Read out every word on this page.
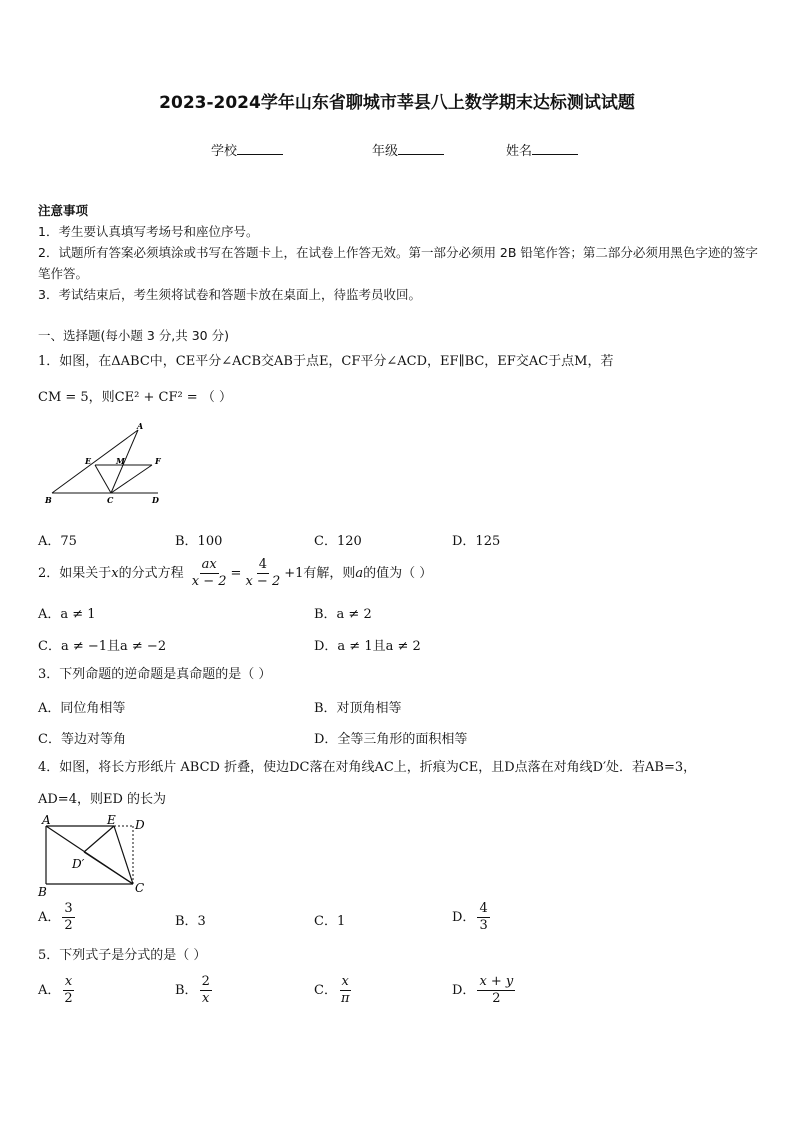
2023-2024学年山东省聊城市莘县八上数学期末达标测试试题
学校	年级	姓名

注意事项

1．考生要认真填写考场号和座位序号。

2．试题所有答案必须填涂或书写在答题卡上，在试卷上作答无效。第一部分必须用 2B 铅笔作答；第二部分必须用黑色字迹的签字笔作答。

3．考试结束后，考生须将试卷和答题卡放在桌面上，待监考员收回。

一、选择题(每小题 3 分,共 30 分)
1．如图，在ΔABC中，CE平分∠ACB交AB于点E，CF平分∠ACD，EF∥BC，EF交AC于点M，若
CM = 5，则CE² + CF² = （ ）
A
E	M	F
B	C	D
A．75	B．100	C．120	D．125
2．如果关于x的分式方程 $\frac{ax}{x - 2} = \frac{4}{x - 2} +1$有解，则a的值为（ ）
A．a ≠ 1	B．a ≠ 2
C．a ≠ −1且a ≠ −2	D．a ≠ 1且a ≠ 2
3．下列命题的逆命题是真命题的是（ ）
A．同位角相等	B．对顶角相等
C．等边对等角	D．全等三角形的面积相等
4．如图，将长方形纸片 ABCD 折叠，使边DC落在对角线AC上，折痕为CE，且D点落在对角线D′处．若AB=3，
AD=4，则ED 的长为
A	E D
D′
B	C
A． $\frac{3}{2}$	B．3	C．1	D． $\frac{4}{3}$
5．下列式子是分式的是（ ）
A． $\frac{x}{2}$	B． $\frac{2}{x}$	C． $\frac{x}{\pi}$	D． $\frac{x + y}{2}$
